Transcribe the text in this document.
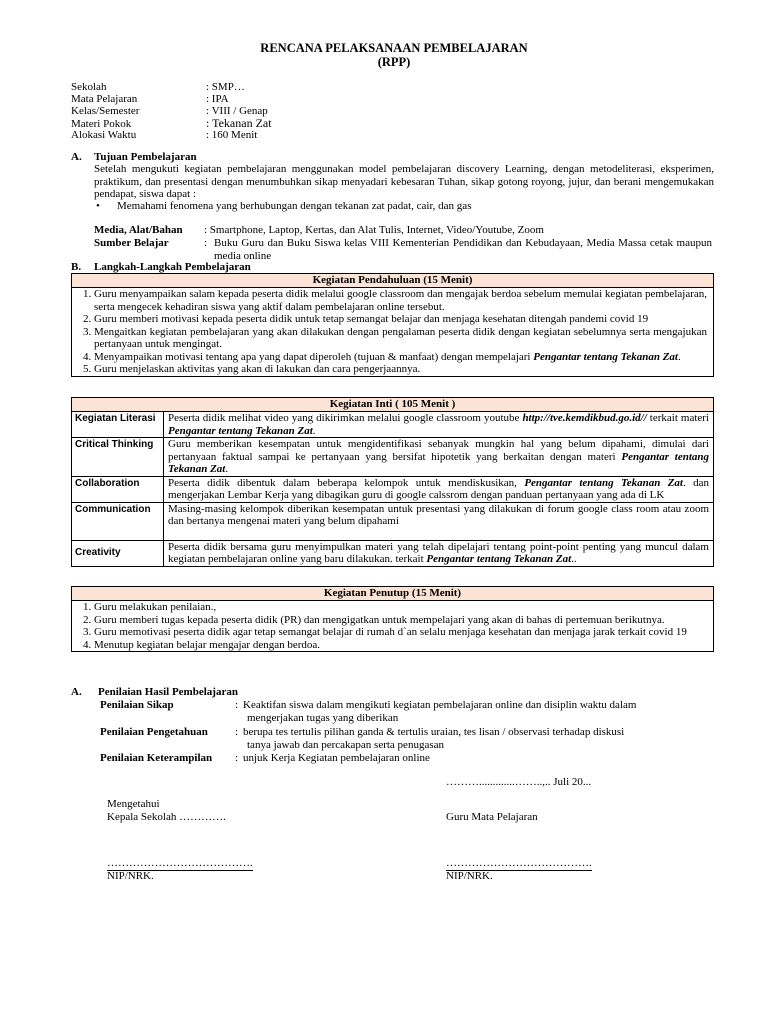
RENCANA PELAKSANAAN PEMBELAJARAN
(RPP)
Sekolah	: SMP…
Mata Pelajaran	: IPA
Kelas/Semester	: VIII / Genap
Materi Pokok	: Tekanan Zat
Alokasi Waktu	: 160 Menit
A. Tujuan Pembelajaran
Setelah mengukuti kegiatan pembelajaran menggunakan model pembelajaran discovery Learning, dengan metodeliterasi, eksperimen, praktikum, dan presentasi dengan menumbuhkan sikap menyadari kebesaran Tuhan, sikap gotong royong, jujur, dan berani mengemukakan pendapat, siswa dapat :
• Memahami fenomena yang berhubungan dengan tekanan zat padat, cair, dan gas
Media, Alat/Bahan : Smartphone, Laptop, Kertas, dan Alat Tulis, Internet, Video/Youtube, Zoom
Sumber Belajar	: Buku Guru dan Buku Siswa kelas VIII Kementerian Pendidikan dan Kebudayaan, Media Massa cetak maupun media online
B. Langkah-Langkah Pembelajaran
Kegiatan Pendahuluan (15 Menit)
1. Guru menyampaikan salam kepada peserta didik melalui google classroom dan mengajak berdoa sebelum memulai kegiatan pembelajaran, serta mengecek kehadiran siswa yang aktif dalam pembelajaran online tersebut.
2. Guru memberi motivasi kepada peserta didik untuk tetap semangat belajar dan menjaga kesehatan ditengah pandemi covid 19
3. Mengaitkan kegiatan pembelajaran yang akan dilakukan dengan pengalaman peserta didik dengan kegiatan sebelumnya serta mengajukan pertanyaan untuk mengingat.
4. Menyampaikan motivasi tentang apa yang dapat diperoleh (tujuan & manfaat) dengan mempelajari Pengantar tentang Tekanan Zat.
5. Guru menjelaskan aktivitas yang akan di lakukan dan cara pengerjaannya.
Kegiatan Inti ( 105 Menit )
Kegiatan Literasi	Peserta didik melihat video yang dikirimkan melalui google classroom youtube http://tve.kemdikbud.go.id// terkait materi Pengantar tentang Tekanan Zat.
Critical Thinking	Guru memberikan kesempatan untuk mengidentifikasi sebanyak mungkin hal yang belum dipahami, dimulai dari pertanyaan faktual sampai ke pertanyaan yang bersifat hipotetik yang berkaitan dengan materi Pengantar tentang Tekanan Zat.
Collaboration	Peserta didik dibentuk dalam beberapa kelompok untuk mendiskusikan, Pengantar tentang Tekanan Zat. dan mengerjakan Lembar Kerja yang dibagikan guru di google calssrom dengan panduan pertanyaan yang ada di LK
Communication	Masing-masing kelompok diberikan kesempatan untuk presentasi yang dilakukan di forum google class room atau zoom dan bertanya mengenai materi yang belum dipahami
Creativity	Peserta didik bersama guru menyimpulkan materi yang telah dipelajari tentang point-point penting yang muncul dalam kegiatan pembelajaran online yang baru dilakukan. terkait Pengantar tentang Tekanan Zat..
Kegiatan Penutup (15 Menit)
1. Guru melakukan penilaian.,
2. Guru memberi tugas kepada peserta didik (PR) dan mengigatkan untuk mempelajari yang akan di bahas di pertemuan berikutnya.
3. Guru memotivasi peserta didik agar tetap semangat belajar di rumah d`an selalu menjaga kesehatan dan menjaga jarak terkait covid 19
4. Menutup kegiatan belajar mengajar dengan berdoa.
A. Penilaian Hasil Pembelajaran
Penilaian Sikap	: Keaktifan siswa dalam mengikuti kegiatan pembelajaran online dan disiplin waktu dalam
mengerjakan tugas yang diberikan
Penilaian Pengetahuan : berupa tes tertulis pilihan ganda & tertulis uraian, tes lisan / observasi terhadap diskusi
tanya jawab dan percakapan serta penugasan
Penilaian Keterampilan : unjuk Kerja Kegiatan pembelajaran online
……….............……..,.. Juli 20...
Mengetahui
Kepala Sekolah ………….	Guru Mata Pelajaran
………………………………….	………………………………….
NIP/NRK.	NIP/NRK.
